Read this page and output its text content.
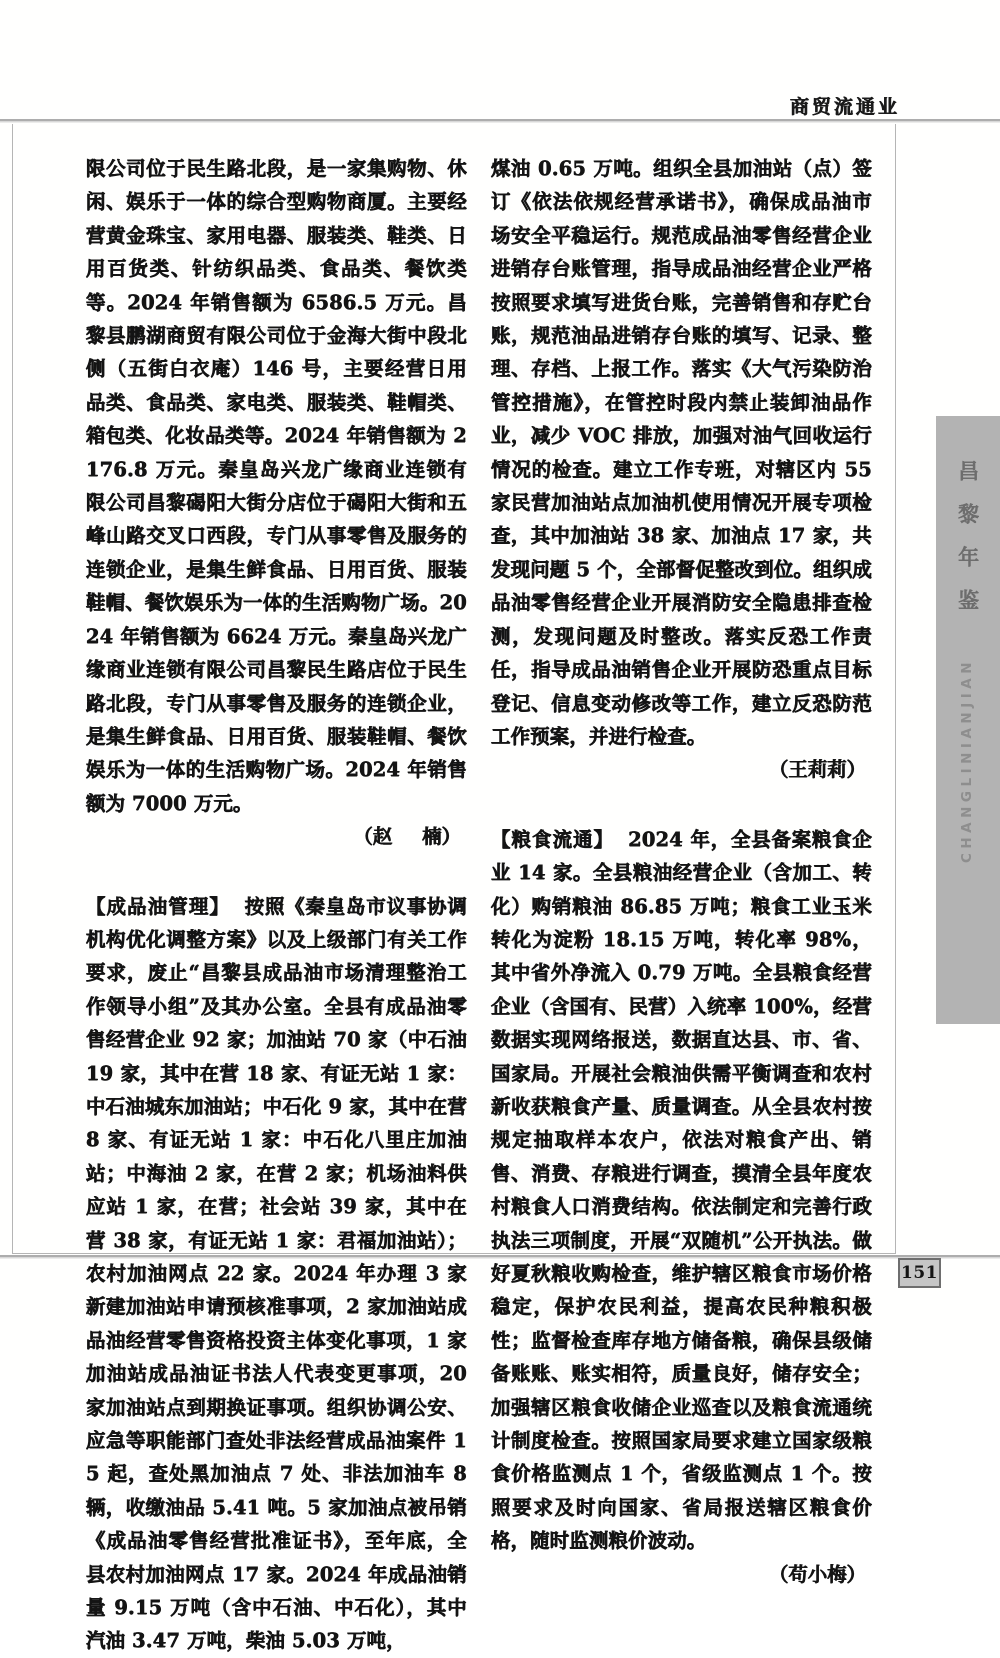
商贸流通业

限公司位于民生路北段，是一家集购物、休闲、娱乐于一体的综合型购物商厦。主要经营黄金珠宝、家用电器、服装类、鞋类、日用百货类、针纺织品类、食品类、餐饮类等。2024 年销售额为 6586.5 万元。昌黎县鹏湖商贸有限公司位于金海大街中段北侧（五街白衣庵）146 号，主要经营日用品类、食品类、家电类、服装类、鞋帽类、箱包类、化妆品类等。2024 年销售额为 2176.8 万元。秦皇岛兴龙广缘商业连锁有限公司昌黎碣阳大街分店位于碣阳大街和五峰山路交叉口西段，专门从事零售及服务的连锁企业，是集生鲜食品、日用百货、服装鞋帽、餐饮娱乐为一体的生活购物广场。2024 年销售额为 6624 万元。秦皇岛兴龙广缘商业连锁有限公司昌黎民生路店位于民生路北段，专门从事零售及服务的连锁企业，是集生鲜食品、日用百货、服装鞋帽、餐饮娱乐为一体的生活购物广场。2024 年销售额为 7000 万元。

（赵 楠）

【成品油管理】 按照《秦皇岛市议事协调机构优化调整方案》以及上级部门有关工作要求，废止“昌黎县成品油市场清理整治工作领导小组”及其办公室。全县有成品油零售经营企业 92 家；加油站 70 家（中石油 19 家，其中在营 18 家、有证无站 1 家：中石油城东加油站；中石化 9 家，其中在营 8 家、有证无站 1 家：中石化八里庄加油站；中海油 2 家，在营 2 家；机场油料供应站 1 家，在营；社会站 39 家，其中在营 38 家，有证无站 1 家：君福加油站）；农村加油网点 22 家。2024 年办理 3 家新建加油站申请预核准事项，2 家加油站成品油经营零售资格投资主体变化事项，1 家加油站成品油证书法人代表变更事项，20 家加油站点到期换证事项。组织协调公安、应急等职能部门查处非法经营成品油案件 15 起，查处黑加油点 7 处、非法加油车 8 辆，收缴油品 5.41 吨。5 家加油点被吊销《成品油零售经营批准证书》，至年底，全县农村加油网点 17 家。2024 年成品油销量 9.15 万吨（含中石油、中石化），其中汽油 3.47 万吨，柴油 5.03 万吨，

煤油 0.65 万吨。组织全县加油站（点）签订《依法依规经营承诺书》，确保成品油市场安全平稳运行。规范成品油零售经营企业进销存台账管理，指导成品油经营企业严格按照要求填写进货台账，完善销售和存贮台账，规范油品进销存台账的填写、记录、整理、存档、上报工作。落实《大气污染防治管控措施》，在管控时段内禁止装卸油品作业，减少 VOC 排放，加强对油气回收运行情况的检查。建立工作专班，对辖区内 55 家民营加油站点加油机使用情况开展专项检查，其中加油站 38 家、加油点 17 家，共发现问题 5 个，全部督促整改到位。组织成品油零售经营企业开展消防安全隐患排查检测，发现问题及时整改。落实反恐工作责任，指导成品油销售企业开展防恐重点目标登记、信息变动修改等工作，建立反恐防范工作预案，并进行检查。

（王莉莉）

【粮食流通】 2024 年，全县备案粮食企业 14 家。全县粮油经营企业（含加工、转化）购销粮油 86.85 万吨；粮食工业玉米转化为淀粉 18.15 万吨，转化率 98%，其中省外净流入 0.79 万吨。全县粮食经营企业（含国有、民营）入统率 100%，经营数据实现网络报送，数据直达县、市、省、国家局。开展社会粮油供需平衡调查和农村新收获粮食产量、质量调查。从全县农村按规定抽取样本农户，依法对粮食产出、销售、消费、存粮进行调查，摸清全县年度农村粮食人口消费结构。依法制定和完善行政执法三项制度，开展“双随机”公开执法。做好夏秋粮收购检查，维护辖区粮食市场价格稳定，保护农民利益，提高农民种粮积极性；监督检查库存地方储备粮，确保县级储备账账、账实相符，质量良好，储存安全；加强辖区粮食收储企业巡查以及粮食流通统计制度检查。按照国家局要求建立国家级粮食价格监测点 1 个，省级监测点 1 个。按照要求及时向国家、省局报送辖区粮食价格，随时监测粮价波动。

（苟小梅）

昌黎年鉴
CHANGLINIANJIAN
151
